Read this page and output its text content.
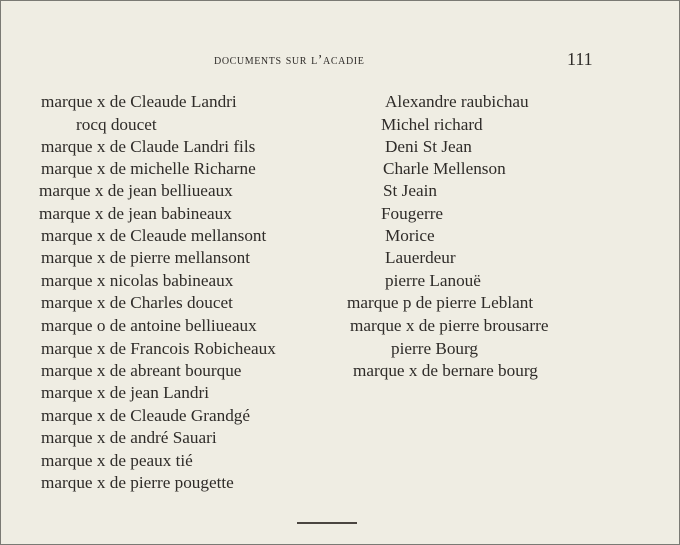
documents sur l’acadie	111
marque x de Cleaude Landri
rocq doucet
marque x de Claude Landri fils
marque x de michelle Richarne
marque x de jean belliueaux
marque x de jean babineaux
marque x de Cleaude mellansont
marque x de pierre mellansont
marque x nicolas babineaux
marque x de Charles doucet
marque o de antoine belliueaux
marque x de Francois Robicheaux
marque x de abreant bourque
marque x de jean Landri
marque x de Cleaude Grandgé
marque x de andré Sauari
marque x de peaux tié
marque x de pierre pougette
Alexandre raubichau
Michel richard
Deni St Jean
Charle Mellenson
St Jeain
Fougerre
Morice
Lauerdeur
pierre Lanouë
marque p de pierre Leblant
marque x de pierre brousarre
pierre Bourg
marque x de bernare bourg
